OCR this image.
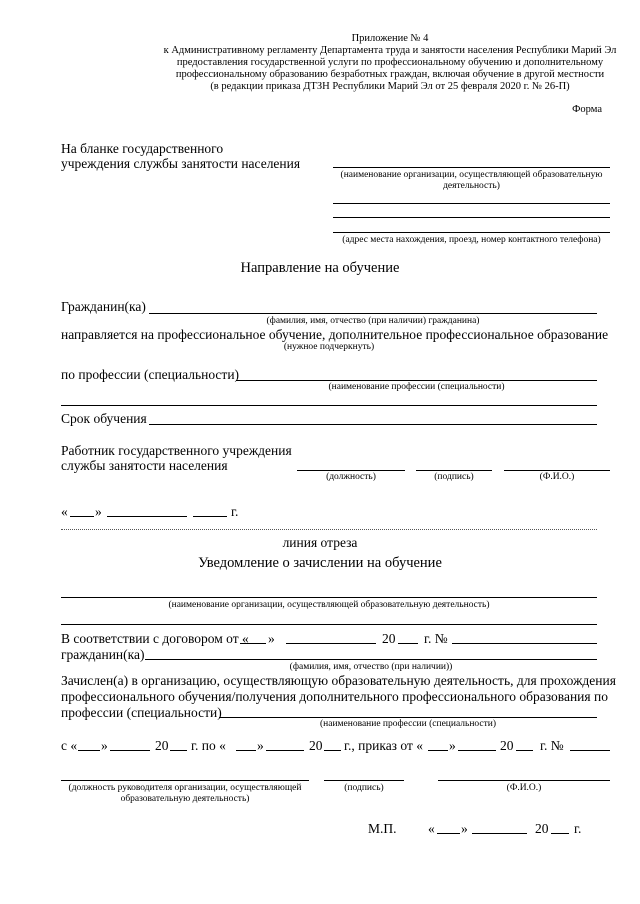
Приложение № 4
к Административному регламенту Департамента труда и занятости населения Республики Марий Эл
предоставления государственной услуги по профессиональному обучению и дополнительному
профессиональному образованию безработных граждан, включая обучение в другой местности
(в редакции приказа ДТЗН Республики Марий Эл от 25 февраля 2020 г. № 26-П)
Форма
На бланке государственного
учреждения службы занятости населения
(наименование организации, осуществляющей образовательную
деятельность)
(адрес места нахождения, проезд, номер контактного телефона)
Направление на обучение
Гражданин(ка)
(фамилия, имя, отчество (при наличии) гражданина)
направляется на профессиональное обучение, дополнительное профессиональное образование
(нужное подчеркнуть)
по профессии (специальности)
(наименование профессии (специальности)
Срок обучения
Работник государственного учреждения
службы занятости населения
(должность)	(подпись)	(Ф.И.О.)
« »	г.
линия отреза
Уведомление о зачислении на обучение
(наименование организации, осуществляющей образовательную деятельность)
В соответствии с договором от « »	20 г. №
гражданин(ка)
(фамилия, имя, отчество (при наличии))
Зачислен(а) в организацию, осуществляющую образовательную деятельность, для прохождения
профессионального обучения/получения дополнительного профессионального образования по
профессии (специальности)
(наименование профессии (специальности)
с « »	20 г. по « »	20 г., приказ от « »	20 г. №
(должность руководителя организации, осуществляющей
образовательную деятельность)
(подпись)	(Ф.И.О.)
М.П. « »	20 г.
